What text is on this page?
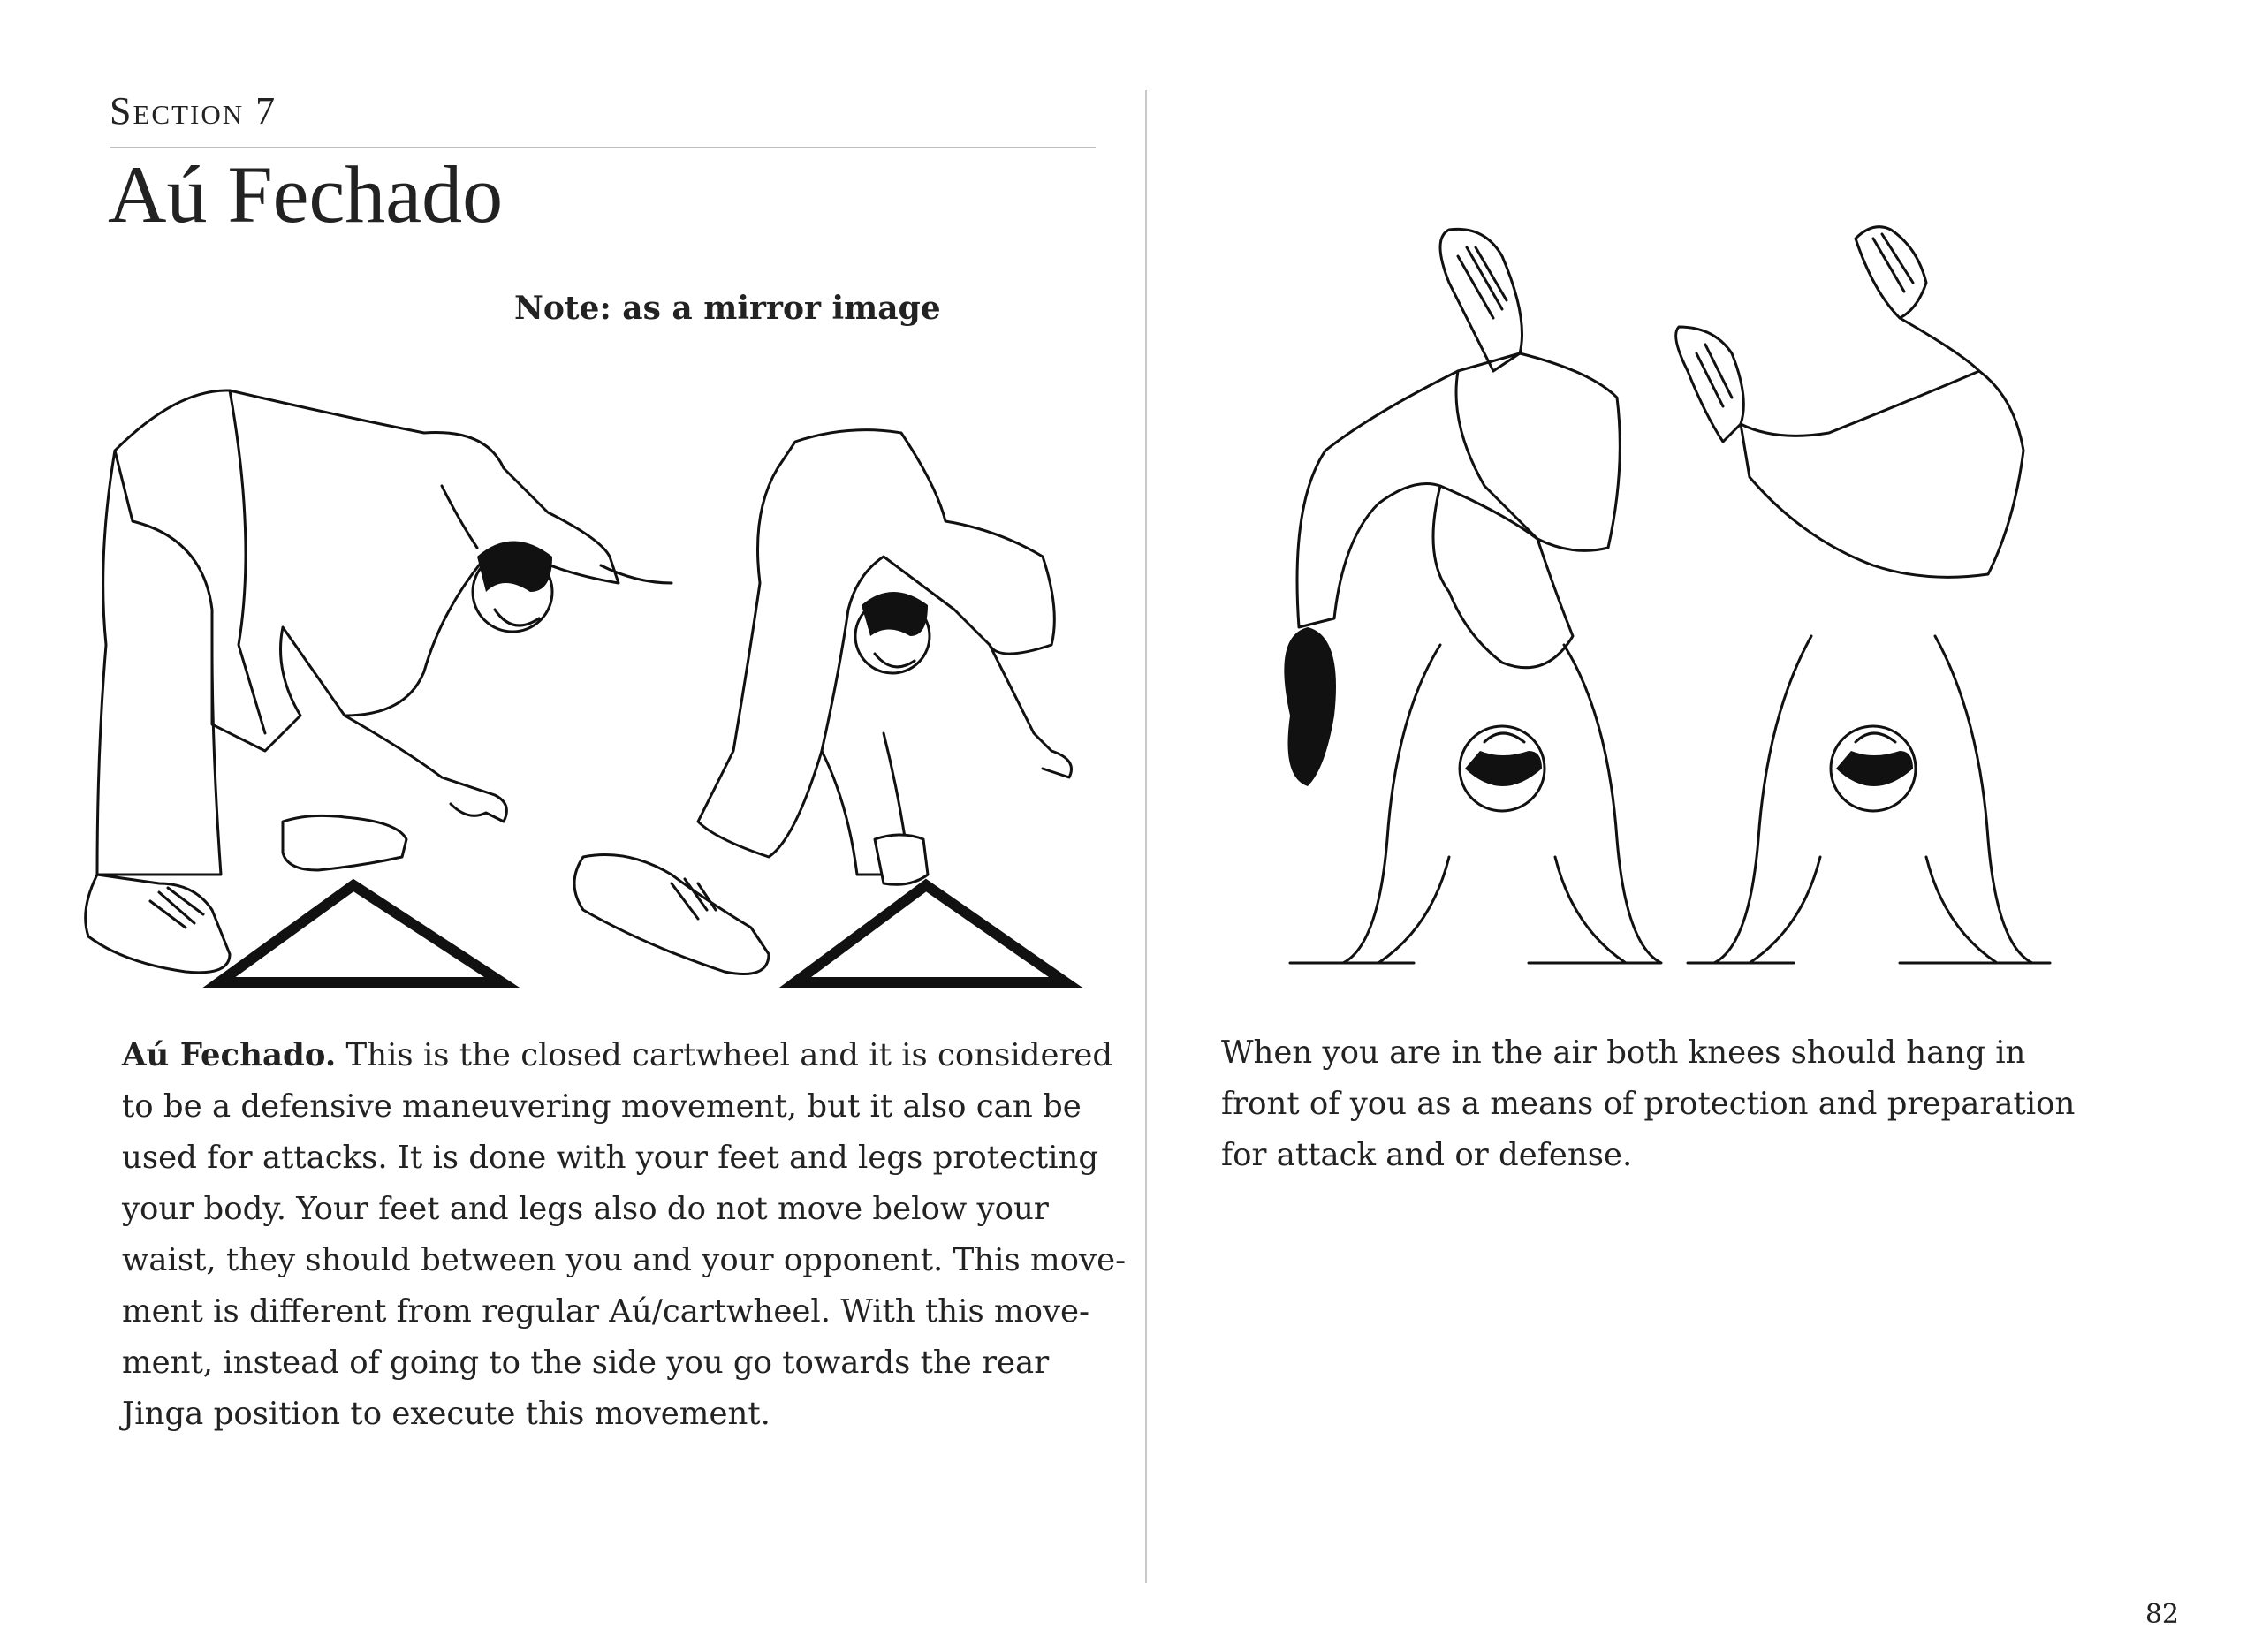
Section 7
Aú Fechado
Note: as a mirror image
Aú Fechado. This is the closed cartwheel and it is considered
to be a defensive maneuvering movement, but it also can be
used for attacks. It is done with your feet and legs protecting
your body. Your feet and legs also do not move below your
waist, they should between you and your opponent. This move-
ment is different from regular Aú/cartwheel. With this move-
ment, instead of going to the side you go towards the rear
Jinga position to execute this movement.
When you are in the air both knees should hang in
front of you as a means of protection and preparation
for attack and or defense.
82
